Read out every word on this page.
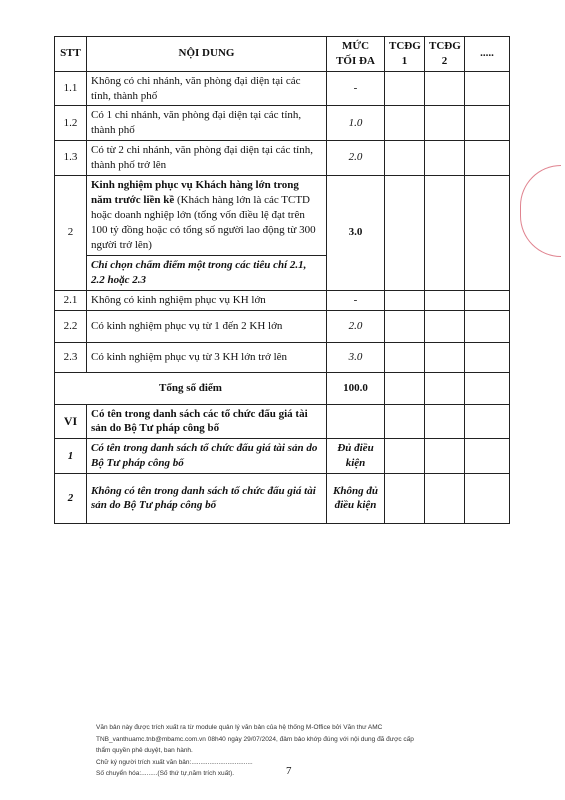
STT	NỘI DUNG	MỨC TỐI ĐA	TCĐG 1	TCĐG 2	.....
1.1	Không có chi nhánh, văn phòng đại diện tại các tỉnh, thành phố	-			
1.2	Có 1 chi nhánh, văn phòng đại diện tại các tỉnh, thành phố	1.0			
1.3	Có từ 2 chi nhánh, văn phòng đại diện tại các tỉnh, thành phố trở lên	2.0			
2	Kinh nghiệm phục vụ Khách hàng lớn trong năm trước liền kề (Khách hàng lớn là các TCTD hoặc doanh nghiệp lớn (tổng vốn điều lệ đạt trên 100 tỷ đồng hoặc có tổng số người lao động từ 300 người trở lên)	3.0			
	Chỉ chọn chấm điểm một trong các tiêu chí 2.1, 2.2 hoặc 2.3				
2.1	Không có kinh nghiệm phục vụ KH lớn	-			
2.2	Có kinh nghiệm phục vụ từ 1 đến 2 KH lớn	2.0			
2.3	Có kinh nghiệm phục vụ từ 3 KH lớn trở lên	3.0			
Tổng số điểm		100.0			
VI	Có tên trong danh sách các tổ chức đấu giá tài sản do Bộ Tư pháp công bố				
1	Có tên trong danh sách tổ chức đấu giá tài sản do Bộ Tư pháp công bố	Đủ điều kiện			
2	Không có tên trong danh sách tổ chức đấu giá tài sản do Bộ Tư pháp công bố	Không đủ điều kiện			

Văn bản này được trích xuất ra từ module quản lý văn bản của hệ thống M-Office bởi Văn thư AMC

TNB_vanthuamc.tnb@mbamc.com.vn 08h40 ngày 29/07/2024, đảm bảo khớp đúng với nội dung đã được cấp

thẩm quyền phê duyệt, ban hành.

Chữ ký người trích xuất văn bản:..................................

Số chuyển hóa:.........(Số thứ tự,năm trích xuất).	7
